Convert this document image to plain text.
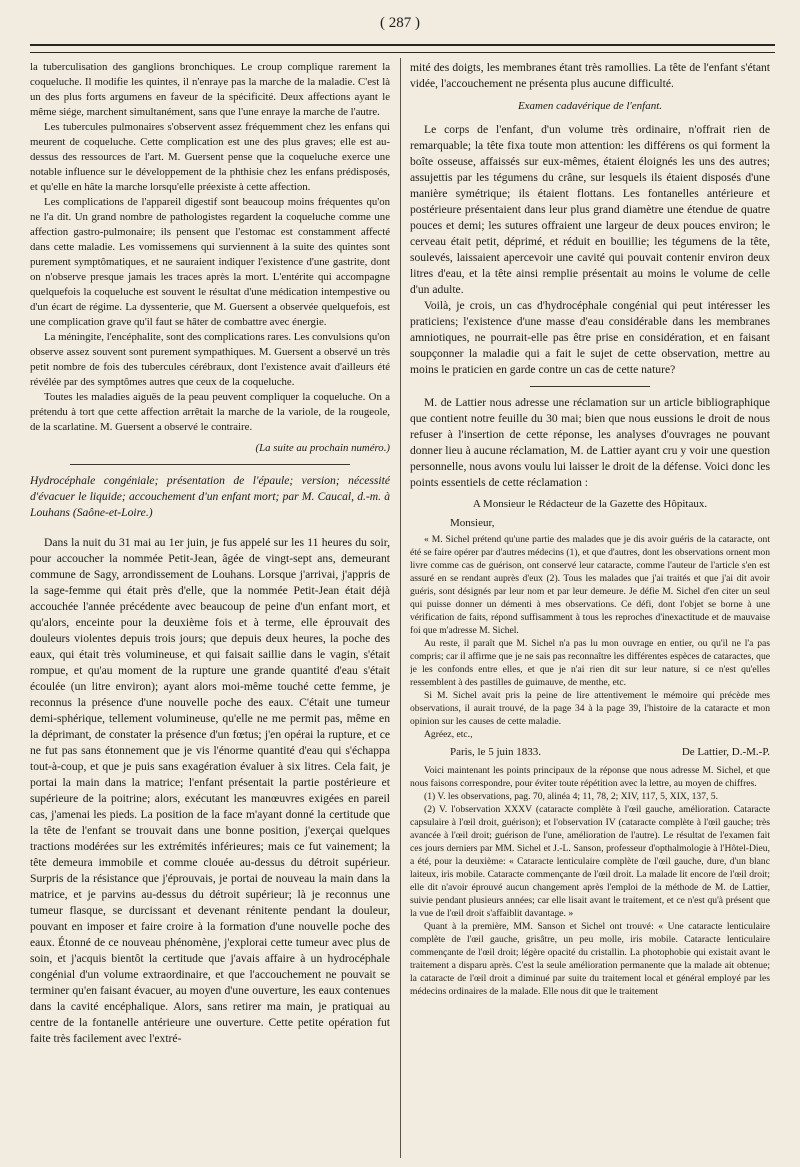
( 287 )

la tuberculisation des ganglions bronchiques. Le croup complique rarement la coqueluche. Il modifie les quintes, il n'enraye pas la marche de la maladie. C'est là un des plus forts argumens en faveur de la spécificité. Deux affections ayant le même siége, marchent simultanément, sans que l'une enraye la marche de l'autre.

Les tubercules pulmonaires s'observent assez fréquemment chez les enfans qui meurent de coqueluche. Cette complication est une des plus graves; elle est au-dessus des ressources de l'art. M. Guersent pense que la coqueluche exerce une notable influence sur le développement de la phthisie chez les enfans prédisposés, et qu'elle en hâte la marche lorsqu'elle préexiste à cette affection.

Les complications de l'appareil digestif sont beaucoup moins fréquentes qu'on ne l'a dit. Un grand nombre de pathologistes regardent la coqueluche comme une affection gastro-pulmonaire; ils pensent que l'estomac est constamment affecté dans cette maladie. Les vomissemens qui surviennent à la suite des quintes sont purement symptômatiques, et ne sauraient indiquer l'existence d'une gastrite, dont on n'observe presque jamais les traces après la mort. L'entérite qui accompagne quelquefois la coqueluche est souvent le résultat d'une médication intempestive ou d'un écart de régime. La dyssenterie, que M. Guersent a observée quelquefois, est une complication grave qu'il faut se hâter de combattre avec énergie.

La méningite, l'encéphalite, sont des complications rares. Les convulsions qu'on observe assez souvent sont purement sympathiques. M. Guersent a observé un très petit nombre de fois des tubercules cérébraux, dont l'existence avait d'ailleurs été révélée par des symptômes autres que ceux de la coqueluche.

Toutes les maladies aiguës de la peau peuvent compliquer la coqueluche. On a prétendu à tort que cette affection arrêtait la marche de la variole, de la rougeole, de la scarlatine. M. Guersent a observé le contraire.

(La suite au prochain numéro.)

Hydrocéphale congéniale; présentation de l'épaule; version; nécessité d'évacuer le liquide; accouchement d'un enfant mort; par M. Caucal, d.-m. à Louhans (Saône-et-Loire.)

Dans la nuit du 31 mai au 1er juin, je fus appelé sur les 11 heures du soir, pour accoucher la nommée Petit-Jean, âgée de vingt-sept ans, demeurant commune de Sagy, arrondissement de Louhans. Lorsque j'arrivai, j'appris de la sage-femme qui était près d'elle, que la nommée Petit-Jean était déjà accouchée l'année précédente avec beaucoup de peine d'un enfant mort, et qu'alors, enceinte pour la deuxième fois et à terme, elle éprouvait des douleurs violentes depuis trois jours; que depuis deux heures, la poche des eaux, qui était très volumineuse, et qui faisait saillie dans le vagin, s'était rompue, et qu'au moment de la rupture une grande quantité d'eau s'était écoulée (un litre environ); ayant alors moi-même touché cette femme, je reconnus la présence d'une nouvelle poche des eaux. C'était une tumeur demi-sphérique, tellement volumineuse, qu'elle ne me permit pas, même en la déprimant, de constater la présence d'un fœtus; j'en opérai la rupture, et ce ne fut pas sans étonnement que je vis l'énorme quantité d'eau qui s'échappa tout-à-coup, et que je puis sans exagération évaluer à six litres. Cela fait, je portai la main dans la matrice; l'enfant présentait la partie postérieure et supérieure de la poitrine; alors, exécutant les manœuvres exigées en pareil cas, j'amenai les pieds. La position de la face m'ayant donné la certitude que la tête de l'enfant se trouvait dans une bonne position, j'exerçai quelques tractions modérées sur les extrémités inférieures; mais ce fut vainement; la tête demeura immobile et comme clouée au-dessus du détroit supérieur. Surpris de la résistance que j'éprouvais, je portai de nouveau la main dans la matrice, et je parvins au-dessus du détroit supérieur; là je reconnus une tumeur flasque, se durcissant et devenant rénitente pendant la douleur, pouvant en imposer et faire croire à la formation d'une nouvelle poche des eaux. Étonné de ce nouveau phénomène, j'explorai cette tumeur avec plus de soin, et j'acquis bientôt la certitude que j'avais affaire à un hydrocéphale congénial d'un volume extraordinaire, et que l'accouchement ne pouvait se terminer qu'en faisant évacuer, au moyen d'une ouverture, les eaux contenues dans la cavité encéphalique. Alors, sans retirer ma main, je pratiquai au centre de la fontanelle antérieure une ouverture. Cette petite opération fut faite très facilement avec l'extré-

mité des doigts, les membranes étant très ramollies. La tête de l'enfant s'étant vidée, l'accouchement ne présenta plus aucune difficulté.

Examen cadavérique de l'enfant.

Le corps de l'enfant, d'un volume très ordinaire, n'offrait rien de remarquable; la tête fixa toute mon attention: les différens os qui forment la boîte osseuse, affaissés sur eux-mêmes, étaient éloignés les uns des autres; assujettis par les tégumens du crâne, sur lesquels ils étaient disposés d'une manière symétrique; ils étaient flottans. Les fontanelles antérieure et postérieure présentaient dans leur plus grand diamètre une étendue de quatre pouces et demi; les sutures offraient une largeur de deux pouces environ; le cerveau était petit, déprimé, et réduit en bouillie; les tégumens de la tête, soulevés, laissaient apercevoir une cavité qui pouvait contenir environ deux litres d'eau, et la tête ainsi remplie présentait au moins le volume de celle d'un adulte.

Voilà, je crois, un cas d'hydrocéphale congénial qui peut intéresser les praticiens; l'existence d'une masse d'eau considérable dans les membranes amniotiques, ne pourrait-elle pas être prise en considération, et en faisant soupçonner la maladie qui a fait le sujet de cette observation, mettre au moins le praticien en garde contre un cas de cette nature?

M. de Lattier nous adresse une réclamation sur un article bibliographique que contient notre feuille du 30 mai; bien que nous eussions le droit de nous refuser à l'insertion de cette réponse, les analyses d'ouvrages ne pouvant donner lieu à aucune réclamation, M. de Lattier ayant cru y voir une question personnelle, nous avons voulu lui laisser le droit de la défense. Voici donc les points essentiels de cette réclamation :

A Monsieur le Rédacteur de la Gazette des Hôpitaux.

Monsieur,

« M. Sichel prétend qu'une partie des malades que je dis avoir guéris de la cataracte, ont été se faire opérer par d'autres médecins (1), et que d'autres, dont les observations ornent mon livre comme cas de guérison, ont conservé leur cataracte, comme l'auteur de l'article s'en est assuré en se rendant auprès d'eux (2). Tous les malades que j'ai traités et que j'ai dit avoir guéris, sont désignés par leur nom et par leur demeure. Je défie M. Sichel d'en citer un seul qui puisse donner un démenti à mes observations. Ce défi, dont l'objet se borne à une vérification de faits, répond suffisamment à tous les reproches d'inexactitude et de mauvaise foi que m'adresse M. Sichel.

Au reste, il paraît que M. Sichel n'a pas lu mon ouvrage en entier, ou qu'il ne l'a pas compris; car il affirme que je ne sais pas reconnaître les différentes espèces de cataractes, que je les confonds entre elles, et que je n'ai rien dit sur leur nature, si ce n'est qu'elles ressemblent à des pastilles de guimauve, de menthe, etc.

Si M. Sichel avait pris la peine de lire attentivement le mémoire qui précède mes observations, il aurait trouvé, de la page 34 à la page 39, l'histoire de la cataracte et mon opinion sur les causes de cette maladie.

Agréez, etc.,

Paris, le 5 juin 1833.	De Lattier, D.-M.-P.

Voici maintenant les points principaux de la réponse que nous adresse M. Sichel, et que nous faisons correspondre, pour éviter toute répétition avec la lettre, au moyen de chiffres.

(1) V. les observations, pag. 70, alinéa 4; 11, 78, 2; XIV, 117, 5, XIX, 137, 5.

(2) V. l'observation XXXV (cataracte complète à l'œil gauche, amélioration. Cataracte capsulaire à l'œil droit, guérison); et l'observation IV (cataracte complète à l'œil gauche; très avancée à l'œil droit; guérison de l'une, amélioration de l'autre). Le résultat de l'examen fait ces jours derniers par MM. Sichel et J.-L. Sanson, professeur d'opthalmologie à l'Hôtel-Dieu, a été, pour la deuxième: « Cataracte lenticulaire complète de l'œil gauche, dure, d'un blanc laiteux, iris mobile. Cataracte commençante de l'œil droit. La malade lit encore de l'œil droit; elle dit n'avoir éprouvé aucun changement après l'emploi de la méthode de M. de Lattier, suivie pendant plusieurs années; car elle lisait avant le traitement, et ce n'est qu'à présent que la vue de l'œil droit s'affaiblit davantage. »

Quant à la première, MM. Sanson et Sichel ont trouvé: « Une cataracte lenticulaire complète de l'œil gauche, grisâtre, un peu molle, iris mobile. Cataracte lenticulaire commençante de l'œil droit; légère opacité du cristallin. La photophobie qui existait avant le traitement a disparu après. C'est la seule amélioration permanente que la malade ait obtenue; la cataracte de l'œil droit a diminué par suite du traitement local et général employé par les médecins ordinaires de la malade. Elle nous dit que le traitement
